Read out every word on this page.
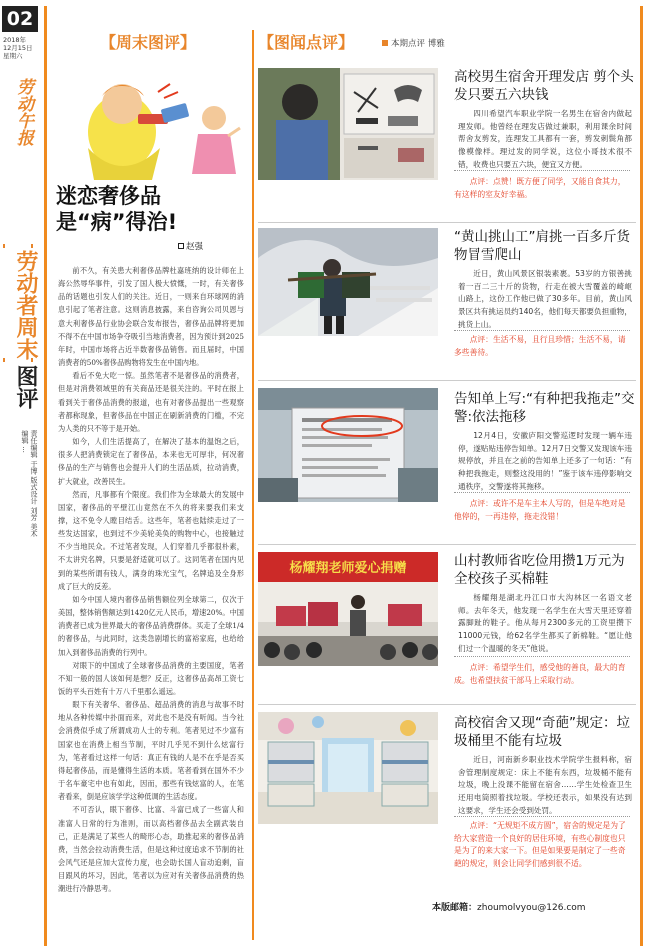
02
2018年
12月15日
星期六
劳动午报
劳动者周末
图评
责任编辑 于博 版式设计 刘芳 美术编辑 ...
【周末图评】
迷恋奢侈品是“病”得治!
赵强

前不久，有关患大利奢侈品牌杜嘉班纳的设计师在上海公然辱华事件，引发了国人极大愤慨，一时，有关奢侈品的话题也引发人们的关注。近日，一则来自环球网的消息引起了笔者注意。这则消息披露，来自咨询公司贝恩与意大利奢侈品行业协会联合发布报告，奢侈品品牌将更加不得不在中国市场争夺吸引当地消费者，因为预计到2025年时，中国市场将占近半数奢侈品销售。而且届时，中国消费者的50%奢侈品购物将发生在中国内地。

看后不免大吃一惊。虽然笔者不是奢侈品的消费者，但是对消费领域里的有关商品还是很关注的。平时在报上看到关于奢侈品消费的报道，也有对奢侈品提出一些观察者都称现象，但奢侈品在中国正在刷新消费的门槛，不完为人类的只不等于是开始。

如今，人们生活提高了，在解决了基本的温饱之后，很多人把消费锁定在了奢侈品，本来也无可厚非，何况奢侈品的生产与销售也会提升人们的生活品质，拉动消费，扩大就业，改善民生。

然而，凡事都有个限度。我们作为全球最大的发展中国家，奢侈品的平壁江山竟然在不久的将来要我们来支撑，这不免令人瞠目结舌。这些年，笔者也陆续走过了一些发达国家，也到过不少美轮美奂的购物中心，也接触过不少当地民众。不过笔者发现，人们穿着几乎都很朴素，不太讲究名牌，只要是舒适就可以了。这同笔者在国内见到的某些所谓有钱人，满身的珠光宝气，名牌追及全身形成了巨大的反差。

如今中国人境内奢侈品销售额位列全球第二，仅次于美国，整体销售额达到1420亿元人民币，增速20%。中国消费者已成为世界最大的奢侈品消费群体。买走了全球1/4的奢侈品，与此同时，这类急剧增长的富裕家庭，也给给加入到奢侈品消费的行列中。

对眼下的中国成了全球奢侈品消费的主要国度，笔者不知一般的国人该如何是想？反正，这奢侈品高昂工资七饭的平头百姓有十万八千里那么遥远。

眼下有关奢华、奢侈品、超品消费的消息与故事不时地从各种传媒中扑面而来，对此也不是没有听闻。当今社会消费似乎成了所谓成功人士的专利。笔者见过不少富有国家也在消费上相当节制，平时几乎见不到什么炫富行为，笔者看过这样一句话：真正有钱的人是不在乎是否买得起奢侈品，而是懂得生活的本质。笔者看到在国外不少于名车豪宅中也有如此，因而，那些有钱炫富的人，在笔者看来，倒是应该学学这种低调的生活态度。

不可否认，眼下奢侈、比富、斗富已成了一些富人和准富人日常的行为准则，而以高档奢侈品去全副武装自己，正是满足了某些人的畸形心态，助推起来的奢侈品消费，当然会拉动消费生活，但是这种过度追求不节制的社会风气还是应加大宣传力度，也会助长国人盲动追剩，盲目跟风的坏习，因此，笔者以为应对有关奢侈品消费的热潮进行冷静思考。

【图闻点评】	本期点评 博雅
高校男生宿舍开理发店 剪个头发只要五六块钱
四川希望汽车职业学院一名男生在宿舍内做起理发师。他曾经在理发店做过兼职，利用课余时间帮舍友剪发，连理发工具都有一套，剪发刺鬓角都像模像样。理过发的同学说，这位小哥技术很不错，收费也只要五六块，便宜又方便。
点评：点赞！既方便了同学，又能自食其力，有这样的室友好幸福。
“黄山挑山工”肩挑一百多斤货物冒雪爬山
近日，黄山风景区银装素裹。53岁的方银善挑着一百二三十斤的货物，行走在被大雪覆盖的崎岖山路上，这份工作他已做了30多年。目前，黄山风景区共有挑运员约140名，他们每天都要负担重物，挑货上山。
点评：生活不易，且行且珍惜；生活不易，请多些善待。
告知单上写:“有种把我拖走”交警:依法拖移
12月4日，安徽庐阳交警巡逻时发现一辆车违停，遂贴贴违停告知单。12月7日交警又发现该车违规停放，并且在之前的告知单上还多了一句话：“有种把我拖走，则整这没用的！”鉴于该车违停影响交通秩序，交警遂将其拖移。
点评：或许不是车主本人写的，但是车绝对是他停的，一再违停，拖走没错！
杨耀翔老师爱心捐赠	山村教师省吃俭用攒1万元为全校孩子买棉鞋
杨耀翔是湖北丹江口市大沟林区一名语文老师。去年冬天，他发现一名学生在大雪天里还穿着露脚趾的鞋子。他从每月2300多元的工资里攒下11000元钱，给62名学生都买了新棉鞋。“愿让他们过一个温暖的冬天”他说。
点评：希望学生们，感受他的善良，最大的育成。也希望扶贫干部马上采取行动。
高校宿舍又现“奇葩”规定：垃圾桶里不能有垃圾
近日，河南新乡职业技术学院学生报料称，宿舍管理制度规定：床上不能有东西，垃圾桶不能有垃圾，晚上没课不能留在宿舍……学生处检查卫生还用电筒照着找垃圾。学校还表示，如果没有达到这要求，学生还会受到处罚。
点评：“无规矩不成方圆”，宿舍的规定是为了给大家营造一个良好的居住环境，有些心制度也只是为了的来大家一下。但是如果要是制定了一些奇葩的规定，则会让同学们感到很不适。
本版邮箱：zhoumolvyou@126.com
